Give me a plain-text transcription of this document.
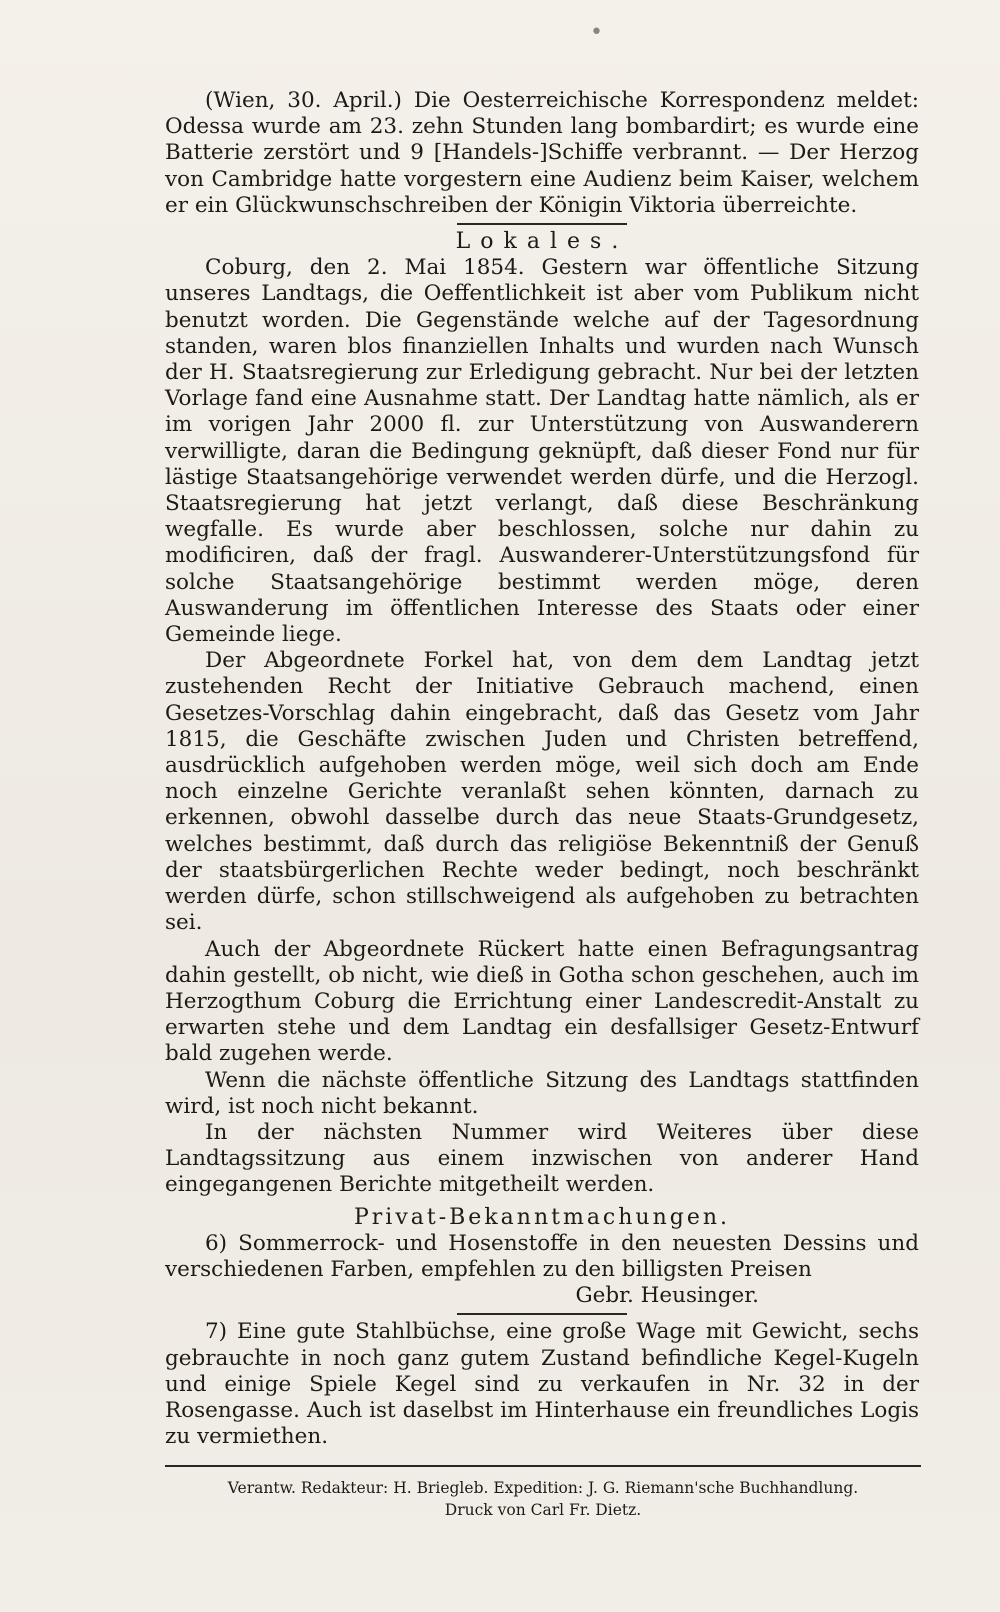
•

(Wien, 30. April.) Die Oesterreichische Korrespondenz meldet: Odessa wurde am 23. zehn Stunden lang bombardirt; es wurde eine Batterie zerstört und 9 [Handels-]Schiffe verbrannt. — Der Herzog von Cambridge hatte vorgestern eine Audienz beim Kaiser, welchem er ein Glückwunschschreiben der Königin Viktoria überreichte.

Lokales.

Coburg, den 2. Mai 1854. Gestern war öffentliche Sitzung unseres Landtags, die Oeffentlichkeit ist aber vom Publikum nicht benutzt worden. Die Gegenstände welche auf der Tagesordnung standen, waren blos finanziellen Inhalts und wurden nach Wunsch der H. Staatsregierung zur Erledigung gebracht. Nur bei der letzten Vorlage fand eine Ausnahme statt. Der Landtag hatte nämlich, als er im vorigen Jahr 2000 fl. zur Unterstützung von Auswanderern verwilligte, daran die Bedingung geknüpft, daß dieser Fond nur für lästige Staatsangehörige verwendet werden dürfe, und die Herzogl. Staatsregierung hat jetzt verlangt, daß diese Beschränkung wegfalle. Es wurde aber beschlossen, solche nur dahin zu modificiren, daß der fragl. Auswanderer-Unterstützungsfond für solche Staatsangehörige bestimmt werden möge, deren Auswanderung im öffentlichen Interesse des Staats oder einer Gemeinde liege.

Der Abgeordnete Forkel hat, von dem dem Landtag jetzt zustehenden Recht der Initiative Gebrauch machend, einen Gesetzes-Vorschlag dahin eingebracht, daß das Gesetz vom Jahr 1815, die Geschäfte zwischen Juden und Christen betreffend, ausdrücklich aufgehoben werden möge, weil sich doch am Ende noch einzelne Gerichte veranlaßt sehen könnten, darnach zu erkennen, obwohl dasselbe durch das neue Staats-Grundgesetz, welches bestimmt, daß durch das religiöse Bekenntniß der Genuß der staatsbürgerlichen Rechte weder bedingt, noch beschränkt werden dürfe, schon stillschweigend als aufgehoben zu betrachten sei.

Auch der Abgeordnete Rückert hatte einen Befragungsantrag dahin gestellt, ob nicht, wie dieß in Gotha schon geschehen, auch im Herzogthum Coburg die Errichtung einer Landescredit-Anstalt zu erwarten stehe und dem Landtag ein desfallsiger Gesetz-Entwurf bald zugehen werde.

Wenn die nächste öffentliche Sitzung des Landtags stattfinden wird, ist noch nicht bekannt.

In der nächsten Nummer wird Weiteres über diese Landtagssitzung aus einem inzwischen von anderer Hand eingegangenen Berichte mitgetheilt werden.

Privat-Bekanntmachungen.

6) Sommerrock- und Hosenstoffe in den neuesten Dessins und verschiedenen Farben, empfehlen zu den billigsten Preisen

Gebr. Heusinger.

7) Eine gute Stahlbüchse, eine große Wage mit Gewicht, sechs gebrauchte in noch ganz gutem Zustand befindliche Kegel-Kugeln und einige Spiele Kegel sind zu verkaufen in Nr. 32 in der Rosengasse. Auch ist daselbst im Hinterhause ein freundliches Logis zu vermiethen.

Verantw. Redakteur: H. Briegleb. Expedition: J. G. Riemann'sche Buchhandlung.

Druck von Carl Fr. Dietz.
